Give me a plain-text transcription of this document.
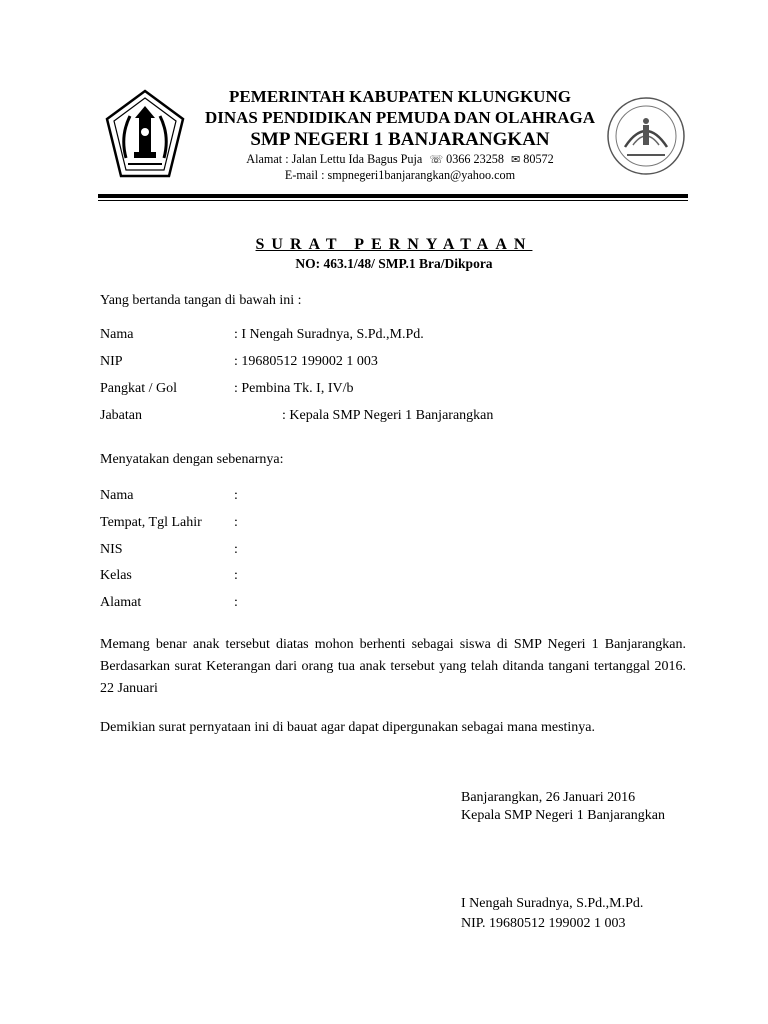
PEMERINTAH KABUPATEN KLUNGKUNG
DINAS PENDIDIKAN PEMUDA DAN OLAHRAGA
SMP NEGERI 1 BANJARANGKAN
Alamat : Jalan Lettu Ida Bagus Puja ☏ 0366 23258 ✉ 80572
E-mail : smpnegeri1banjarangkan@yahoo.com
SURAT PERNYATAAN
NO: 463.1/48/ SMP.1 Bra/Dikpora
Yang bertanda tangan di bawah ini :
Nama	: I Nengah Suradnya, S.Pd.,M.Pd.
NIP	: 19680512 199002 1 003
Pangkat / Gol	: Pembina Tk. I, IV/b
Jabatan	: Kepala SMP Negeri 1 Banjarangkan
Menyatakan dengan sebenarnya:
Nama	:
Tempat, Tgl Lahir :
NIS	:
Kelas	:
Alamat	:
Memang benar anak tersebut diatas mohon berhenti sebagai siswa di SMP Negeri 1 Banjarangkan. Berdasarkan surat Keterangan dari orang tua anak tersebut yang telah ditanda tangani tertanggal 2016. 22 Januari
Demikian surat pernyataan ini di bauat agar dapat dipergunakan sebagai mana mestinya.
Banjarangkan, 26 Januari 2016
Kepala SMP Negeri 1 Banjarangkan
I Nengah Suradnya, S.Pd.,M.Pd.
NIP. 19680512 199002 1 003
